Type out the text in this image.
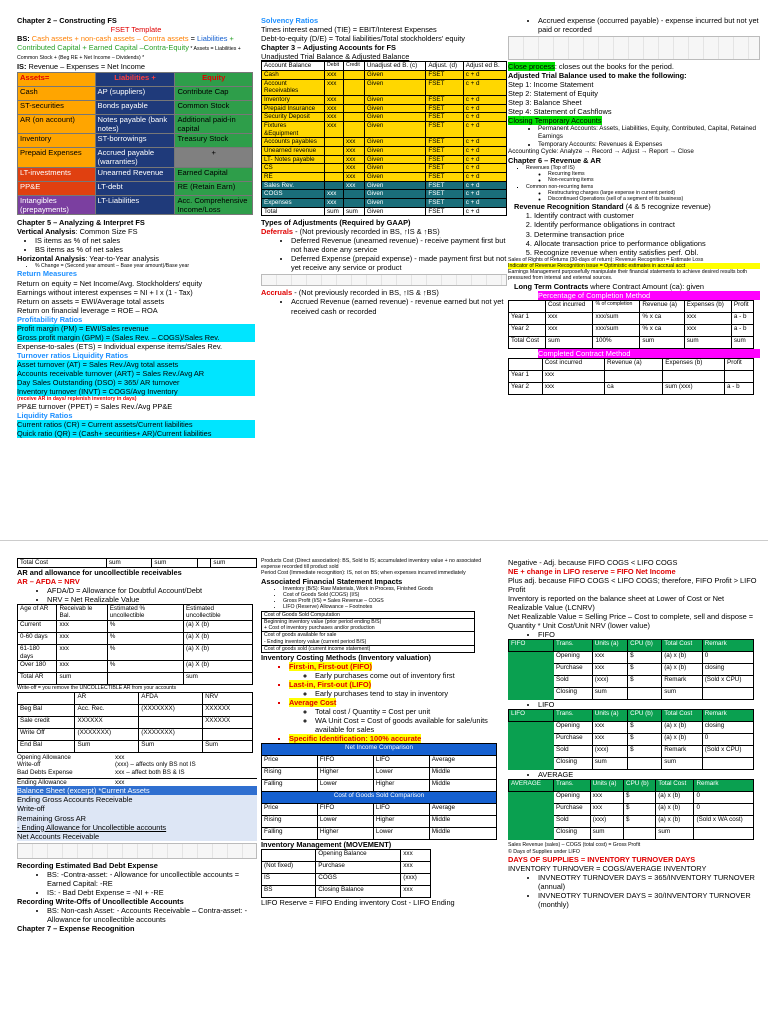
Chapter 2 – Constructing FS

FSET Template

BS: Cash assets + non-cash assets – Contra assets = Liabilities + Contributed Capital + Earned Capital –Contra-Equity * Assets = Liabilities + Common Stock + (Beg RE + Net Income – Dividends) *

IS: Revenue – Expenses = Net Income

Assets=	Liabilities +	Equity
Cash	AP (suppliers)	Contribute Cap
ST-securities	Bonds payable	Common Stock
AR (on account)	Notes payable (bank notes)	Additional paid-in capital
Inventory	ST-borrowings	Treasury Stock
Prepaid Expenses	Accrued payable (warranties)	+
LT-investments	Unearned Revenue	Earned Capital
PP&E	LT-debt	RE (Retain Earn)
Intangibles (prepayments)	LT-Liabilities	Acc. Comprehensive Income/Loss

Chapter 5 – Analyzing & Interpret FS

Vertical Analysis: Common Size FS

• IS items as % of net sales
• BS items as % of net sales

Horizontal Analysis: Year-to-Year analysis

• % Change = (Second year amount – Base year amount)/Base year

Return Measures

Return on equity = Net Income/Avg. Stockholders' equity

Earnings without interest expenses = NI + I x (1 - Tax)

Return on assets = EWI/Average total assets

Return on financial leverage = ROE – ROA

Profitability Ratios

Profit margin (PM) = EWI/Sales revenue

Gross profit margin (GPM) = (Sales Rev. – COGS)/Sales Rev.

Expense-to-sales (ETS) = Individual expense items/Sales Rev.

Turnover ratios Liquidity Ratios

Asset turnover (AT) = Sales Rev./Avg total assets

Accounts receivable turnover (ART) = Sales Rev./Avg AR

Day Sales Outstanding (DSO) = 365/ AR turnover

Inventory turnover (INVT) = COGS/Avg Inventory

(receive AR in days/ replenish inventory in days)

PP&E turnover (PPET) = Sales Rev./Avg PP&E

Liquidity Ratios

Current ratios (CR) = Current assets/Current liabilities

Quick ratio (QR) = (Cash+ securities+ AR)/Current liabilities

Solvency Ratios

Times interest earned (TIE) = EBIT/Interest Expenses

Debt-to-equity (D/E) = Total liabilities/Total stockholders' equity

Chapter 3 – Adjusting Accounts for FS

Unadjusted Trial Balance & Adjusted Balance

Account Balance	Debit	Credit	Unadjust ed B. (c)	Adjust. (d)	Adjust ed B.
Cash	xxx		Given	FSET	c + d
Account Receivables	xxx		Given	FSET	c + d
Inventory	xxx		Given	FSET	c + d
Prepaid Insurance	xxx		Given	FSET	c + d
Security Deposit	xxx		Given	FSET	c + d
Fixtures &Equipment	xxx		Given	FSET	c + d
Accounts payables		xxx	Given	FSET	c + d
Unearned revenue		xxx	Given	FSET	c + d
LT- Notes payable		xxx	Given	FSET	c + d
CS		xxx	Given	FSET	c + d
RE		xxx	Given	FSET	c + d
Sales Rev.		xxx	Given	FSET	c + d
COGS	xxx		Given	FSET	c + d
Expenses	xxx		Given	FSET	c + d
Total	sum	sum	Given	FSET	c + d

Types of Adjustments (Required by GAAP)

Deferrals - (Not previously recorded in BS, ↑IS & ↑BS)

• Deferred Revenue (unearned revenue) - receive payment first but not have done any service
• Deferred Expense (prepaid expense) - made payment first but not yet receive any service or product

Accruals - (Not previously recorded in BS, ↑IS & ↑BS)

• Accrued Revenue (earned revenue) - revenue earned but not yet received cash or recorded
• Accrued expense (occurred payable) - expense incurred but not yet paid or recorded

Close process: closes out the books for the period.

Adjusted Trial Balance used to make the following:

Step 1: Income Statement

Step 2: Statement of Equity

Step 3: Balance Sheet

Step 4: Statement of Cashflows

Closing Temporary Accounts

• Permanent Accounts: Assets, Liabilities, Equity, Contributed, Capital, Retained Earnings
• Temporary Accounts: Revenues & Expenses

Accounting Cycle: Analyze → Record → Adjust → Report → Close

Chapter 6 – Revenue & AR

▪ Revenues (Top of IS)
◦ Recurring Items
◦ Non-recurring items
▪ Common non-recurring items
◦ Restructuring charges (large expense in current period)
◦ Discontinued Operations (sell of a segment of its business)

Revenue Recognition Standard (4 & 5 recognize revenue)

1. Identify contract with customer
2. Identify performance obligations in contract
3. Determine transaction price
4. Allocate transaction price to performance obligations
5. Recognize revenue when entity satisfies perf. Obl.

Sales of Rights of Returns (30-days of return): Revenue Recognition = Estimate Loss

Indicator of Revenue Recognition issue = Optimistic estimates in accrual acct

Earnings Management purposefully manipulate their financial statements to achieve desired results both pressured from internal and external sources.

Long Term Contracts where Contract Amount (ca): given

• Percentage of Completion Method
	Cost incurred	% of completion	Revenue (a)	Expenses (b)	Profit
Year 1	xxx	xxx/sum	% x ca	xxx	a - b
Year 2	xxx	xxx/sum	% x ca	xxx	a - b
Total Cost	sum	100%	sum	sum	sum
• Completed Contract Method
	Cost incurred	Revenue (a)	Expenses (b)	Profit
Year 1	xxx			
Year 2	xxx	ca	sum (xxx)	a - b
Total Cost	sum	sum		sum

AR and allowance for uncollectible receivables

AR – AFDA = NRV

• AFDA/D = Allowance for Doubtful Account/Debt
• NRV = Net Realizable Value
Age of AR	Receivab le Bal.	Estimated % uncollectible	Estimated uncollectible
Current	xxx	%	(a) X (b)
0-60 days	xxx	%	(a) X (b)
61-180 days	xxx	%	(a) X (b)
Over 180	xxx	%	(a) X (b)
Total AR	sum		sum

Write-off = you remove the UNCOLLECTIBLE AR from your accounts

	AR	AFDA	NRV
Beg Bal	Acc. Rec.	(XXXXXXX)	XXXXXX
Sale credit	XXXXXX		XXXXXX
Write Off	(XXXXXXX)	(XXXXXXX)	
End Bal	Sum	Sum	Sum
Opening Allowance	xxx
Write-off	(xxx) – affects only BS not IS
Bad Debts Expense	xxx – affect both BS & IS
Ending Allowance	xxx

Balance Sheet (excerpt) *Current Assets

Ending Gross Accounts Receivable

Write-off

Remaining Gross AR

- Ending Allowance for Uncollectible accounts

Net Accounts Receivable

Recording Estimated Bad Debt Expense

• BS: -Contra-asset: - Allowance for uncollectible accounts = Earned Capital: -RE
• IS: - Bad Debt Expense = -NI + -RE

Recording Write-Offs of Uncollectible Accounts

• BS: Non-cash Asset: - Accounts Receivable – Contra-asset: -Allowance for uncollectible accounts

Chapter 7 – Expense Recognition

Products Cost (Direct association): BS, Sold to IS; accumulated inventory value + no associated expense recorded till product sold

Period Cost (Immediate recognition): IS, not on BS; when expenses incurred immediately

Associated Financial Statement Impacts

• Inventory (B/S): Raw Materials, Work in Process, Finished Goods
• Cost of Goods Sold (COGS) (I/S)
• Gross Profit (I/S) = Sales Revenue – COGS
• LIFO (Reserve) Allowance – Footnotes
Cost of Goods Sold Computation
Beginning inventory value (prior period ending B/S)
+ Cost of inventory purchases and/or production
Cost of goods available for sale
- Ending inventory value (current period B/S)
Cost of goods sold (current income statement)

Inventory Costing Methods (Inventory valuation)

▪ First-in, First-out (FIFO)
◦ Early purchases come out of inventory first
▪ Last-in, First-out (LIFO)
◦ Early purchases tend to stay in inventory
▪ Average Cost
◦ Total cost / Quantity = Cost per unit
◦ WA Unit Cost = Cost of goods available for sale/units available for sales
▪ Specific Identification: 100% accurate
Net Income Comparison			
Price	FIFO	LIFO	Average
Rising	Higher	Lower	Middle
Falling	Lower	Higher	Middle
Cost of Goods Sold Comparison			
Price	FIFO	LIFO	Average
Rising	Lower	Higher	Middle
Falling	Higher	Lower	Middle

Inventory Management (MOVEMENT)

	Opening Balance	xxx
(Not fixed)	Purchase	xxx
IS	COGS	(xxx)
BS	Closing Balance	xxx

LIFO Reserve = FIFO Ending inventory Cost - LIFO Ending

Negative - Adj. because FIFO COGS < LIFO COGS

NE + change in LIFO reserve = FIFO Net Income

Plus adj. because FIFO COGS < LIFO COGS; therefore, FIFO Profit > LIFO Profit

Inventory is reported on the balance sheet at Lower of Cost or Net Realizable Value (LCNRV)

Net Realizable Value = Selling Price – Cost to complete, sell and dispose = Quantity * Unit Cost/Unit NRV (lower value)

• FIFO
FIFO	Trans.	Units (a)	CPU (b)	Total Cost	Remark
	Opening	xxx	$	(a) x (b)	0
	Purchase	xxx	$	(a) x (b)	closing
	Sold	(xxx)	$	Remark	(Sold x CPU)
	Closing	sum		sum	
• LIFO
LIFO	Trans.	Units (a)	CPU (b)	Total Cost	Remark
	Opening	xxx	$	(a) x (b)	closing
	Purchase	xxx	$	(a) x (b)	0
	Sold	(xxx)	$	Remark	(Sold x CPU)
	Closing	sum		sum	
• AVERAGE
AVERAGE	Trans.	Units (a)	CPU (b)	Total Cost	Remark
	Opening	xxx	$	(a) x (b)	0
	Purchase	xxx	$	(a) x (b)	0
	Sold	(xxx)	$	(a) x (b)	(Sold x WA cost)
	Closing	sum		sum	

Sales Revenue (sales) – COGS (total cost) = Gross Profit

© Days of Supplies under LIFO

DAYS OF SUPPLIES = INVENTORY TURNOVER DAYS

INVENTORY TURNOVER = COGS/AVERAGE INVENTORY

• INVNEOTRY TURNOVER DAYS = 365/INVENTORY TURNOVER (annual)
• INVNEOTRY TURNOVER DAYS = 30/INVENTORY TURNOVER (monthly)
